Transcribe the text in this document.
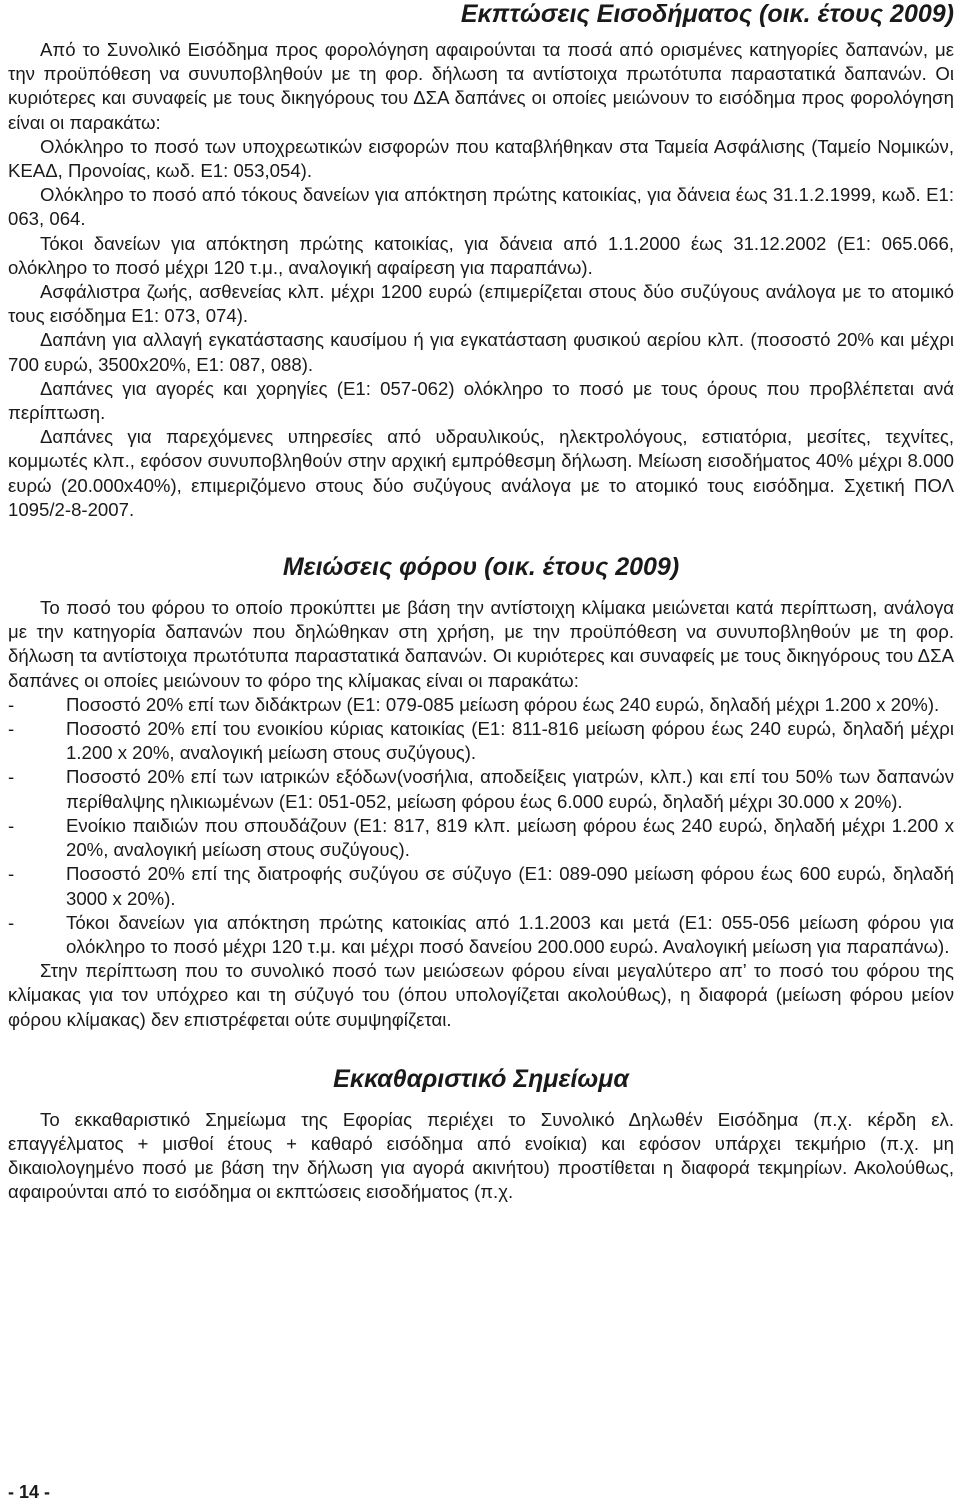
Εκπτώσεις Εισοδήματος (οικ. έτους 2009)

Από το Συνολικό Εισόδημα προς φορολόγηση αφαιρούνται τα ποσά από ορισμένες κατηγορίες δαπανών, με την προϋπόθεση να συνυποβληθούν με τη φορ. δήλωση τα αντίστοιχα πρωτότυπα παραστατικά δαπανών. Οι κυριότερες και συναφείς με τους δικηγόρους του ΔΣΑ δαπάνες οι οποίες μειώνουν το εισόδημα προς φορολόγηση είναι οι παρακάτω:

Ολόκληρο το ποσό των υποχρεωτικών εισφορών που καταβλήθηκαν στα Ταμεία Ασφάλισης (Ταμείο Νομικών, ΚΕΑΔ, Προνοίας, κωδ. Ε1: 053,054).

Ολόκληρο το ποσό από τόκους δανείων για απόκτηση πρώτης κατοικίας, για δάνεια έως 31.1.2.1999, κωδ. Ε1: 063, 064.

Τόκοι δανείων για απόκτηση πρώτης κατοικίας, για δάνεια από 1.1.2000 έως 31.12.2002 (Ε1: 065.066, ολόκληρο το ποσό μέχρι 120 τ.μ., αναλογική αφαίρεση για παραπάνω).

Ασφάλιστρα ζωής, ασθενείας κλπ. μέχρι 1200 ευρώ (επιμερίζεται στους δύο συζύγους ανάλογα με το ατομικό τους εισόδημα Ε1: 073, 074).

Δαπάνη για αλλαγή εγκατάστασης καυσίμου ή για εγκατάσταση φυσικού αερίου κλπ. (ποσοστό 20% και μέχρι 700 ευρώ, 3500x20%, Ε1: 087, 088).

Δαπάνες για αγορές και χορηγίες (Ε1: 057-062) ολόκληρο το ποσό με τους όρους που προβλέπεται ανά περίπτωση.

Δαπάνες για παρεχόμενες υπηρεσίες από υδραυλικούς, ηλεκτρολόγους, εστιατόρια, μεσίτες, τεχνίτες, κομμωτές κλπ., εφόσον συνυποβληθούν στην αρχική εμπρόθεσμη δήλωση. Μείωση εισοδήματος 40% μέχρι 8.000 ευρώ (20.000x40%), επιμεριζόμενο στους δύο συζύγους ανάλογα με το ατομικό τους εισόδημα. Σχετική ΠΟΛ 1095/2-8-2007.

Μειώσεις φόρου (οικ. έτους 2009)

Το ποσό του φόρου το οποίο προκύπτει με βάση την αντίστοιχη κλίμακα μειώνεται κατά περίπτωση, ανάλογα με την κατηγορία δαπανών που δηλώθηκαν στη χρήση, με την προϋπόθεση να συνυποβληθούν με τη φορ. δήλωση τα αντίστοιχα πρωτότυπα παραστατικά δαπανών. Οι κυριότερες και συναφείς με τους δικηγόρους του ΔΣΑ δαπάνες οι οποίες μειώνουν το φόρο της κλίμακας είναι οι παρακάτω:

-	Ποσοστό 20% επί των διδάκτρων (Ε1: 079-085 μείωση φόρου έως 240 ευρώ, δηλαδή μέχρι 1.200 x 20%).
-	Ποσοστό 20% επί του ενοικίου κύριας κατοικίας (Ε1: 811-816 μείωση φόρου έως 240 ευρώ, δηλαδή μέχρι 1.200 x 20%, αναλογική μείωση στους συζύγους).
-	Ποσοστό 20% επί των ιατρικών εξόδων(νοσήλια, αποδείξεις γιατρών, κλπ.) και επί του 50% των δαπανών περίθαλψης ηλικιωμένων (Ε1: 051-052, μείωση φόρου έως 6.000 ευρώ, δηλαδή μέχρι 30.000 x 20%).
-	Ενοίκιο παιδιών που σπουδάζουν (Ε1: 817, 819 κλπ. μείωση φόρου έως 240 ευρώ, δηλαδή μέχρι 1.200 x 20%, αναλογική μείωση στους συζύγους).
-	Ποσοστό 20% επί της διατροφής συζύγου σε σύζυγο (Ε1: 089-090 μείωση φόρου έως 600 ευρώ, δηλαδή 3000 x 20%).
-	Τόκοι δανείων για απόκτηση πρώτης κατοικίας από 1.1.2003 και μετά (Ε1: 055-056 μείωση φόρου για ολόκληρο το ποσό μέχρι 120 τ.μ. και μέχρι ποσό δανείου 200.000 ευρώ. Αναλογική μείωση για παραπάνω).

Στην περίπτωση που το συνολικό ποσό των μειώσεων φόρου είναι μεγαλύτερο απ’ το ποσό του φόρου της κλίμακας για τον υπόχρεο και τη σύζυγό του (όπου υπολογίζεται ακολούθως), η διαφορά (μείωση φόρου μείον φόρου κλίμακας) δεν επιστρέφεται ούτε συμψηφίζεται.

Εκκαθαριστικό Σημείωμα

Το εκκαθαριστικό Σημείωμα της Εφορίας περιέχει το Συνολικό Δηλωθέν Εισόδημα (π.χ. κέρδη ελ. επαγγέλματος + μισθοί έτους + καθαρό εισόδημα από ενοίκια) και εφόσον υπάρχει τεκμήριο (π.χ. μη δικαιολογημένο ποσό με βάση την δήλωση για αγορά ακινήτου) προστίθεται η διαφορά τεκμηρίων. Ακολούθως, αφαιρούνται από το εισόδημα οι εκπτώσεις εισοδήματος (π.χ.

- 14 -
